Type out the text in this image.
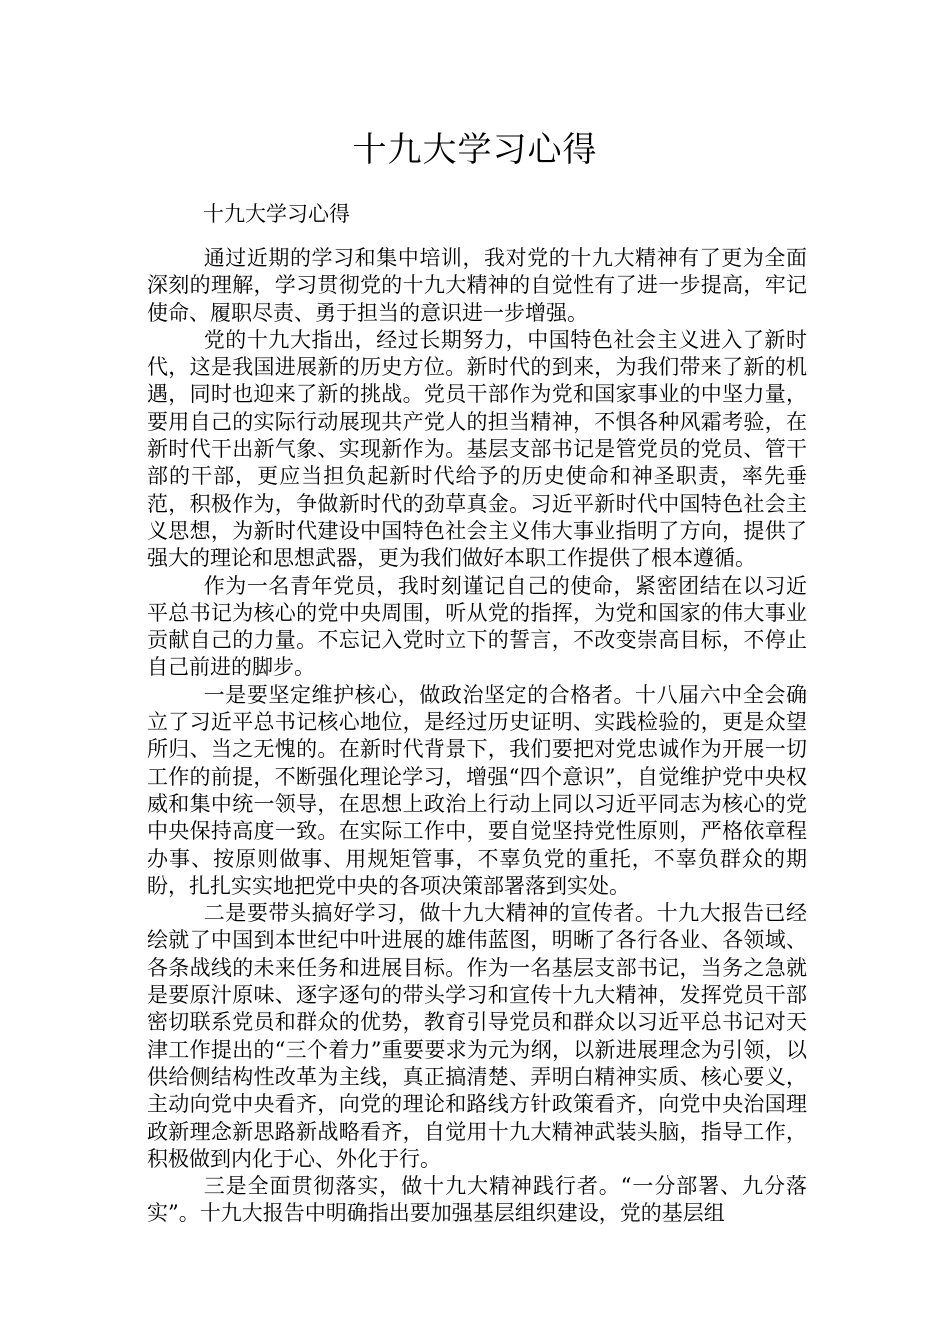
十九大学习心得
十九大学习心得

通过近期的学习和集中培训，我对党的十九大精神有了更为全面深刻的理解，学习贯彻党的十九大精神的自觉性有了进一步提高，牢记使命、履职尽责、勇于担当的意识进一步增强。

党的十九大指出，经过长期努力，中国特色社会主义进入了新时代，这是我国进展新的历史方位。新时代的到来，为我们带来了新的机遇，同时也迎来了新的挑战。党员干部作为党和国家事业的中坚力量，要用自己的实际行动展现共产党人的担当精神，不惧各种风霜考验，在新时代干出新气象、实现新作为。基层支部书记是管党员的党员、管干部的干部，更应当担负起新时代给予的历史使命和神圣职责，率先垂范，积极作为，争做新时代的劲草真金。习近平新时代中国特色社会主义思想，为新时代建设中国特色社会主义伟大事业指明了方向，提供了强大的理论和思想武器，更为我们做好本职工作提供了根本遵循。

作为一名青年党员，我时刻谨记自己的使命，紧密团结在以习近平总书记为核心的党中央周围，听从党的指挥，为党和国家的伟大事业贡献自己的力量。不忘记入党时立下的誓言，不改变崇高目标，不停止自己前进的脚步。

一是要坚定维护核心，做政治坚定的合格者。十八届六中全会确立了习近平总书记核心地位，是经过历史证明、实践检验的，更是众望所归、当之无愧的。在新时代背景下，我们要把对党忠诚作为开展一切工作的前提，不断强化理论学习，增强“四个意识”，自觉维护党中央权威和集中统一领导，在思想上政治上行动上同以习近平同志为核心的党中央保持高度一致。在实际工作中，要自觉坚持党性原则，严格依章程办事、按原则做事、用规矩管事，不辜负党的重托，不辜负群众的期盼，扎扎实实地把党中央的各项决策部署落到实处。

二是要带头搞好学习，做十九大精神的宣传者。十九大报告已经绘就了中国到本世纪中叶进展的雄伟蓝图，明晰了各行各业、各领域、各条战线的未来任务和进展目标。作为一名基层支部书记，当务之急就是要原汁原味、逐字逐句的带头学习和宣传十九大精神，发挥党员干部密切联系党员和群众的优势，教育引导党员和群众以习近平总书记对天津工作提出的“三个着力”重要要求为元为纲，以新进展理念为引领，以供给侧结构性改革为主线，真正搞清楚、弄明白精神实质、核心要义，主动向党中央看齐，向党的理论和路线方针政策看齐，向党中央治国理政新理念新思路新战略看齐，自觉用十九大精神武装头脑，指导工作，积极做到内化于心、外化于行。

三是全面贯彻落实，做十九大精神践行者。“一分部署、九分落实”。十九大报告中明确指出要加强基层组织建设，党的基层组
